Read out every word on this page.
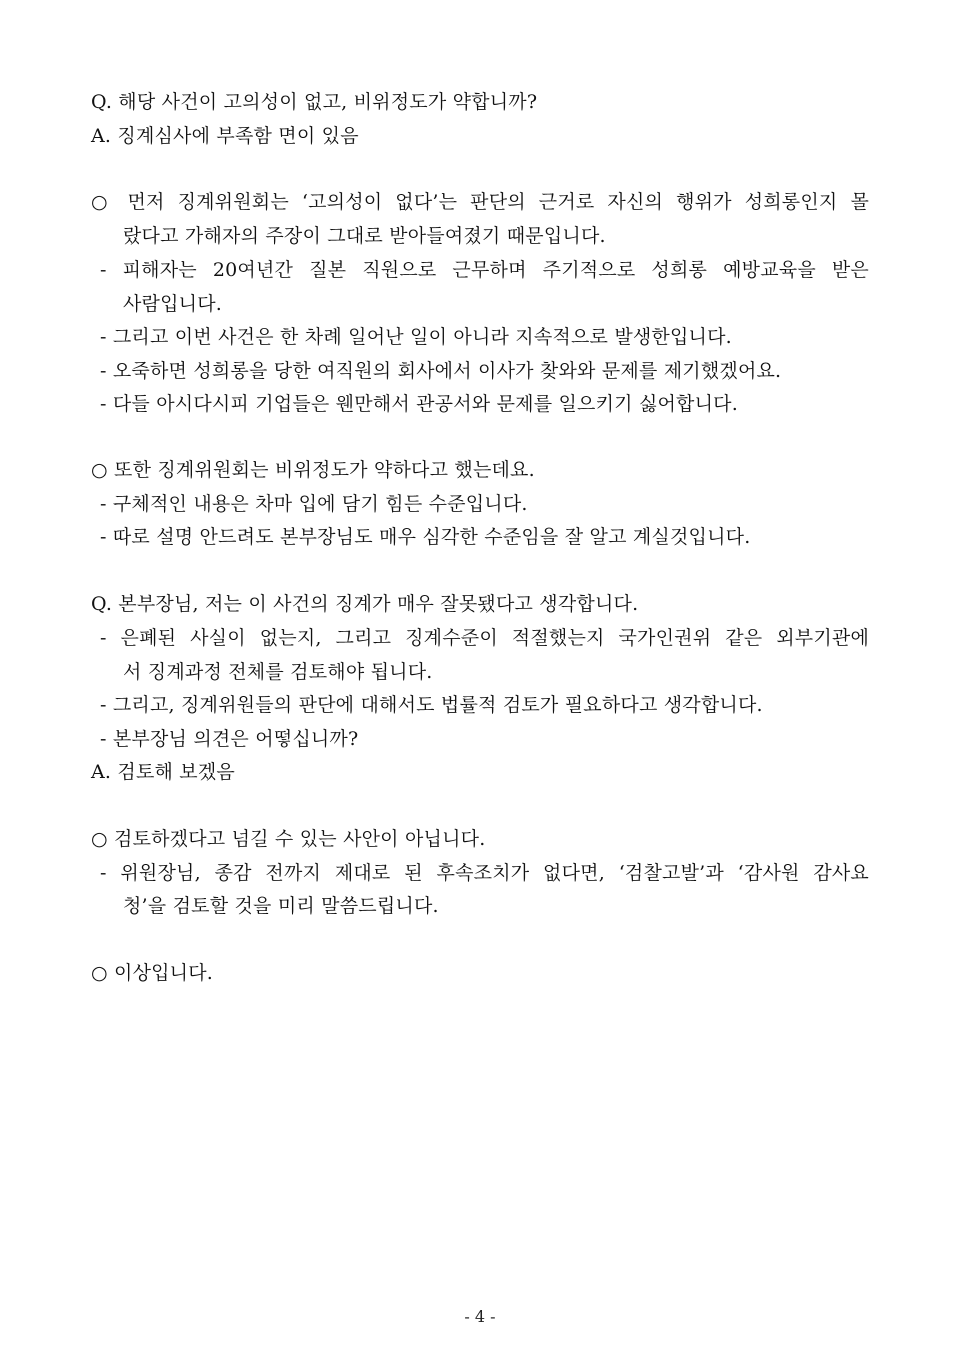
Q. 해당 사건이 고의성이 없고, 비위정도가 약합니까?
A. 징계심사에 부족함 면이 있음
○ 먼저 징계위원회는 ‘고의성이 없다’는 판단의 근거로 자신의 행위가 성희롱인지 몰
랐다고 가해자의 주장이 그대로 받아들여졌기 때문입니다.
- 피해자는 20여년간 질본 직원으로 근무하며 주기적으로 성희롱 예방교육을 받은
사람입니다.
- 그리고 이번 사건은 한 차례 일어난 일이 아니라 지속적으로 발생한입니다.
- 오죽하면 성희롱을 당한 여직원의 회사에서 이사가 찾와와 문제를 제기했겠어요.
- 다들 아시다시피 기업들은 웬만해서 관공서와 문제를 일으키기 싫어합니다.
○ 또한 징계위원회는 비위정도가 약하다고 했는데요.
- 구체적인 내용은 차마 입에 담기 힘든 수준입니다.
- 따로 설명 안드려도 본부장님도 매우 심각한 수준임을 잘 알고 계실것입니다.
Q. 본부장님, 저는 이 사건의 징계가 매우 잘못됐다고 생각합니다.
- 은폐된 사실이 없는지, 그리고 징계수준이 적절했는지 국가인권위 같은 외부기관에
서 징계과정 전체를 검토해야 됩니다.
- 그리고, 징계위원들의 판단에 대해서도 법률적 검토가 필요하다고 생각합니다.
- 본부장님 의견은 어떻십니까?
A. 검토해 보겠음
○ 검토하겠다고 넘길 수 있는 사안이 아닙니다.
- 위원장님, 종감 전까지 제대로 된 후속조치가 없다면, ‘검찰고발’과 ‘감사원 감사요
청’을 검토할 것을 미리 말씀드립니다.
○ 이상입니다.
- 4 -
